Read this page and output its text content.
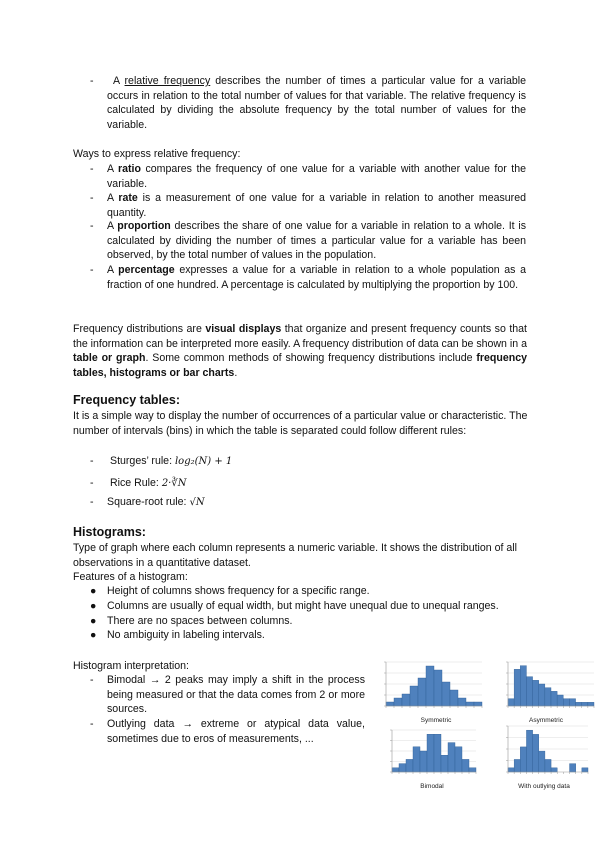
-	A relative frequency describes the number of times a particular value for a variable occurs in relation to the total number of values for that variable. The relative frequency is calculated by dividing the absolute frequency by the total number of values for the variable.

Ways to express relative frequency:

- A ratio compares the frequency of one value for a variable with another value for the variable.

- A rate is a measurement of one value for a variable in relation to another measured quantity.

- A proportion describes the share of one value for a variable in relation to a whole. It is calculated by dividing the number of times a particular value for a variable has been observed, by the total number of values in the population.

- A percentage expresses a value for a variable in relation to a whole population as a fraction of one hundred. A percentage is calculated by multiplying the proportion by 100.

Frequency distributions are visual displays that organize and present frequency counts so that the information can be interpreted more easily. A frequency distribution of data can be shown in a table or graph. Some common methods of showing frequency distributions include frequency tables, histograms or bar charts.

Frequency tables:

It is a simple way to display the number of occurrences of a particular value or characteristic. The number of intervals (bins) in which the table is separated could follow different rules:

- Sturges’ rule: log₂(N) + 1

- Rice Rule: 2·∛N

- Square-root rule: √N

Histograms:

Type of graph where each column represents a numeric variable. It shows the distribution of all observations in a quantitative dataset.

Features of a histogram:

● Height of columns shows frequency for a specific range.

● Columns are usually of equal width, but might have unequal due to unequal ranges.

● There are no spaces between columns.

● No ambiguity in labeling intervals.

Histogram interpretation:

- Bimodal → 2 peaks may imply a shift in the process being measured or that the data comes from 2 or more sources.

- Outlying data → extreme or atypical data value, sometimes due to eros of measurements, ...

Symmetric	Asymmetric

Bimodal	With outlying data
